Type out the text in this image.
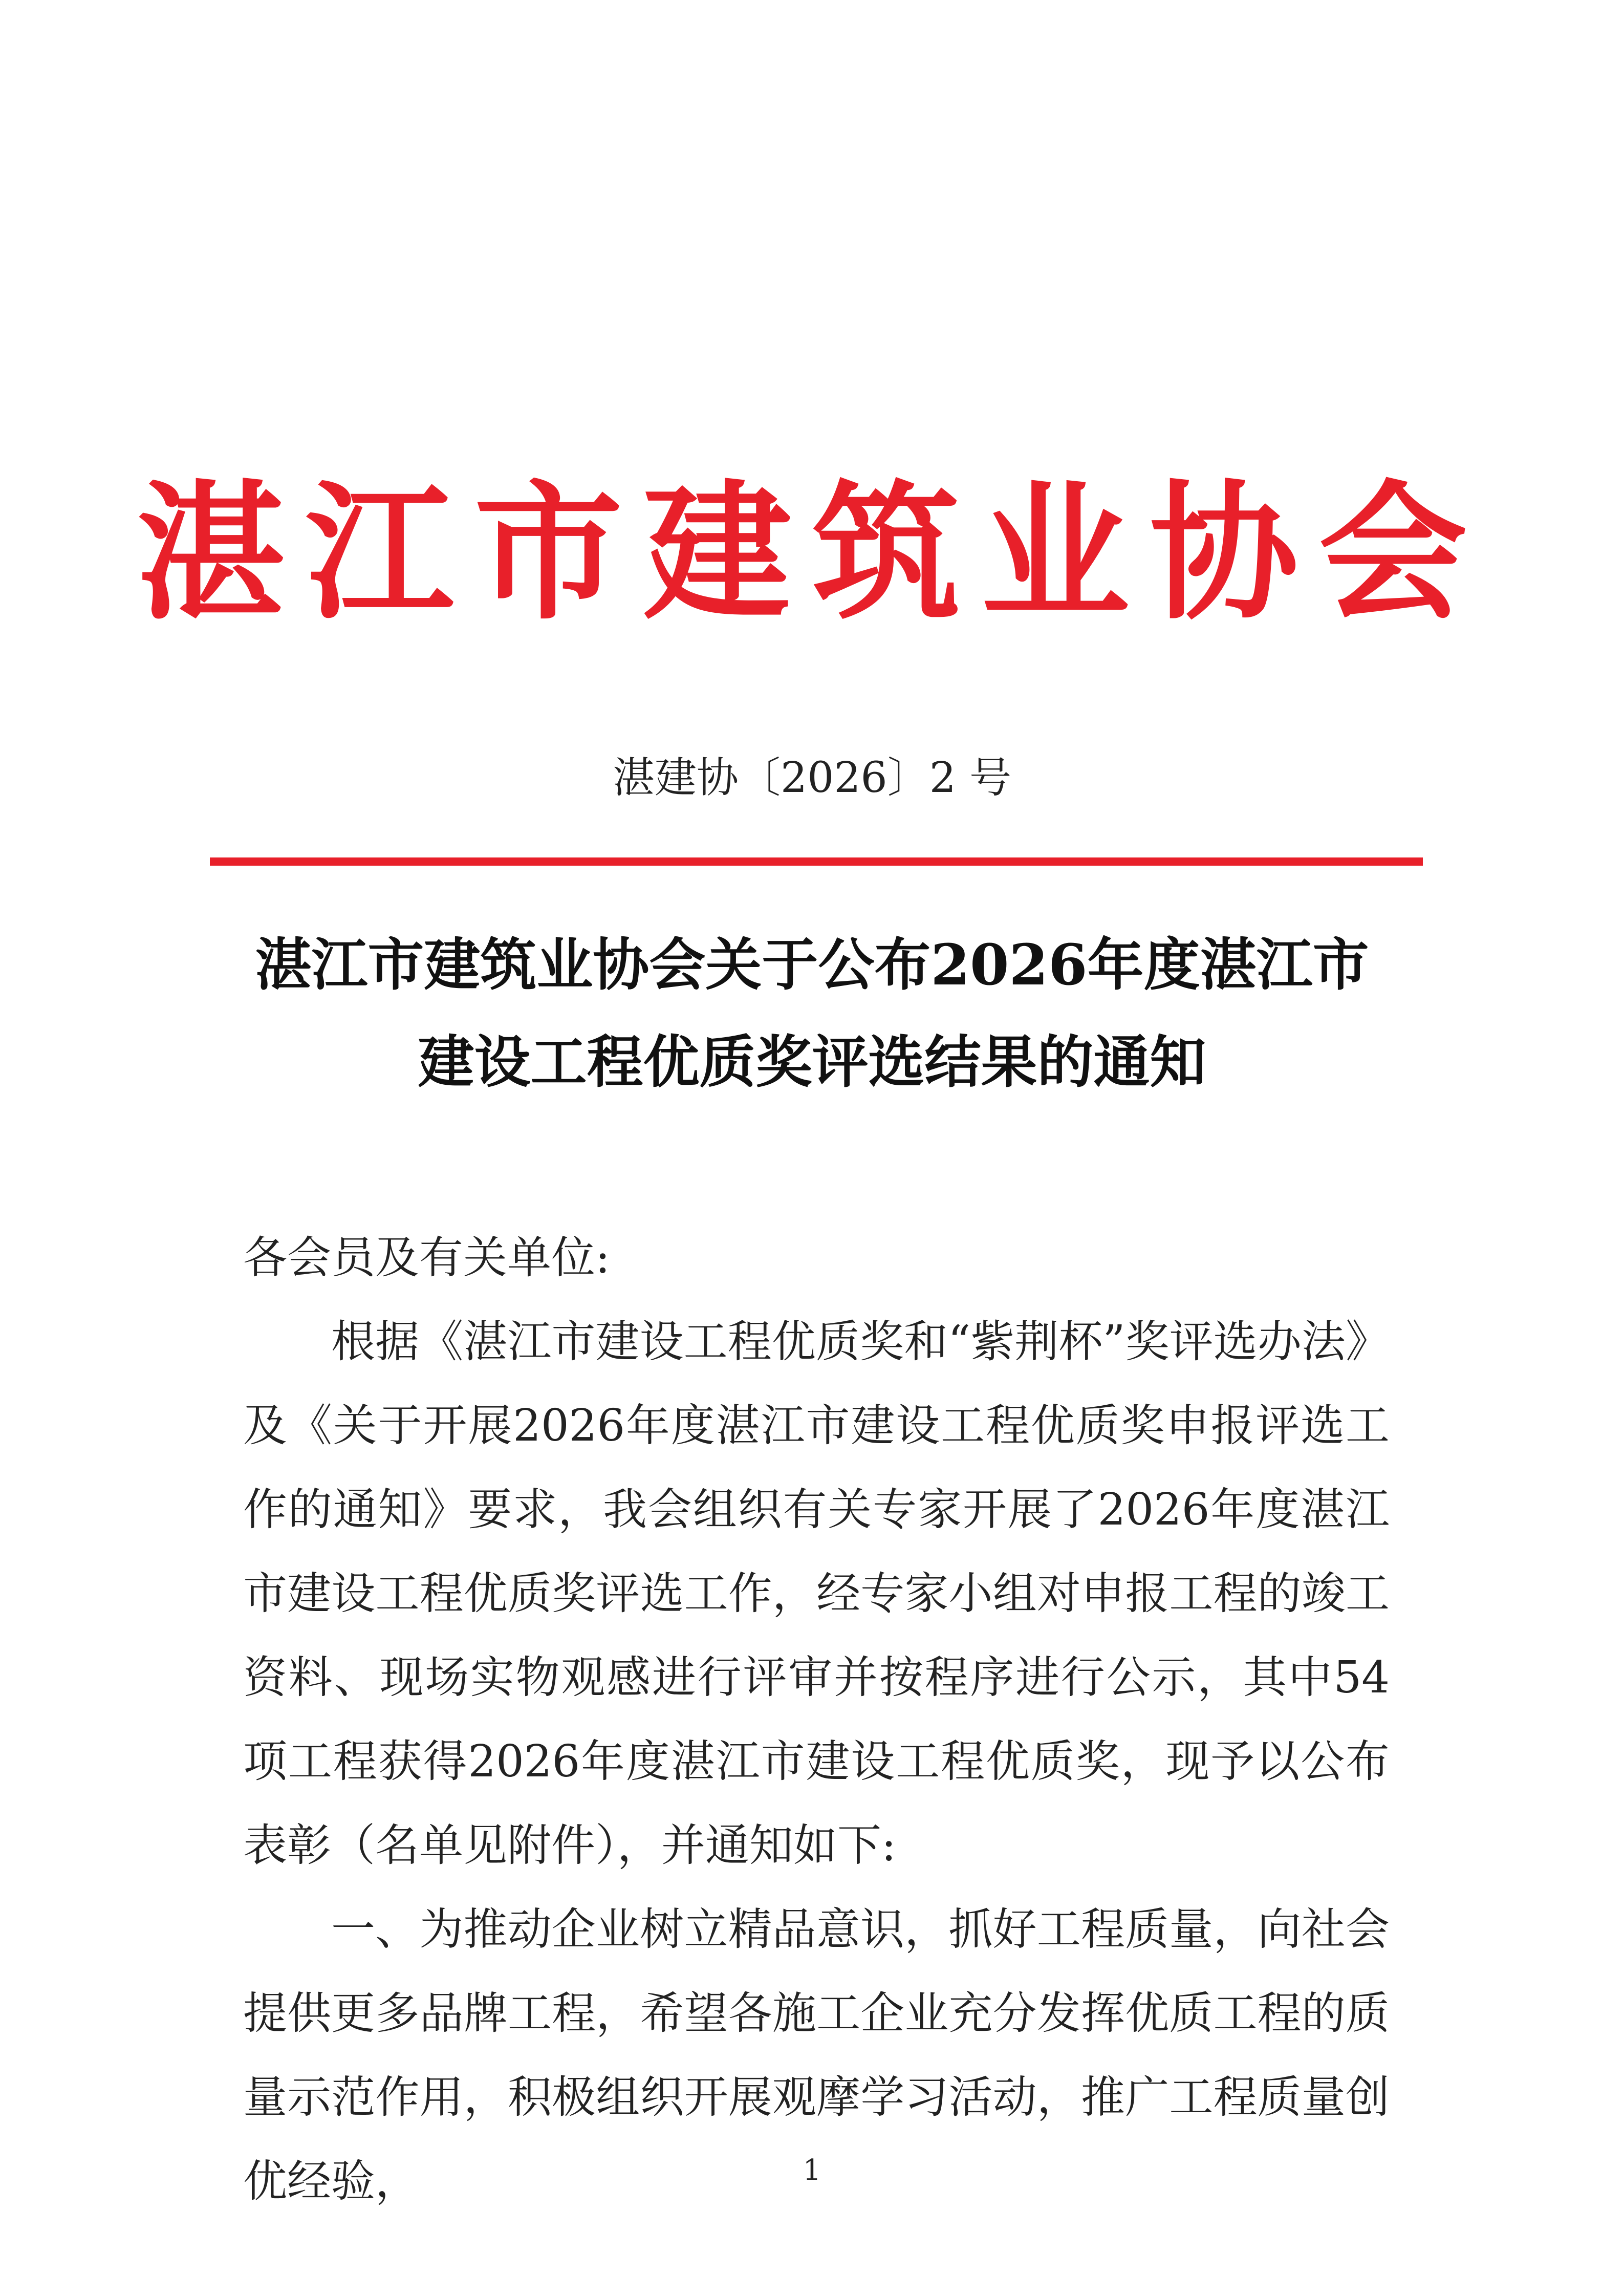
湛江市建筑业协会
湛建协〔2026〕2 号
湛江市建筑业协会关于公布2026年度湛江市
建设工程优质奖评选结果的通知

各会员及有关单位:

根据《湛江市建设工程优质奖和“紫荆杯”奖评选办法》及《关于开展2026年度湛江市建设工程优质奖申报评选工作的通知》要求，我会组织有关专家开展了2026年度湛江市建设工程优质奖评选工作，经专家小组对申报工程的竣工资料、现场实物观感进行评审并按程序进行公示，其中54项工程获得2026年度湛江市建设工程优质奖，现予以公布表彰（名单见附件），并通知如下:

一、为推动企业树立精品意识，抓好工程质量，向社会提供更多品牌工程，希望各施工企业充分发挥优质工程的质量示范作用，积极组织开展观摩学习活动，推广工程质量创优经验，	1
